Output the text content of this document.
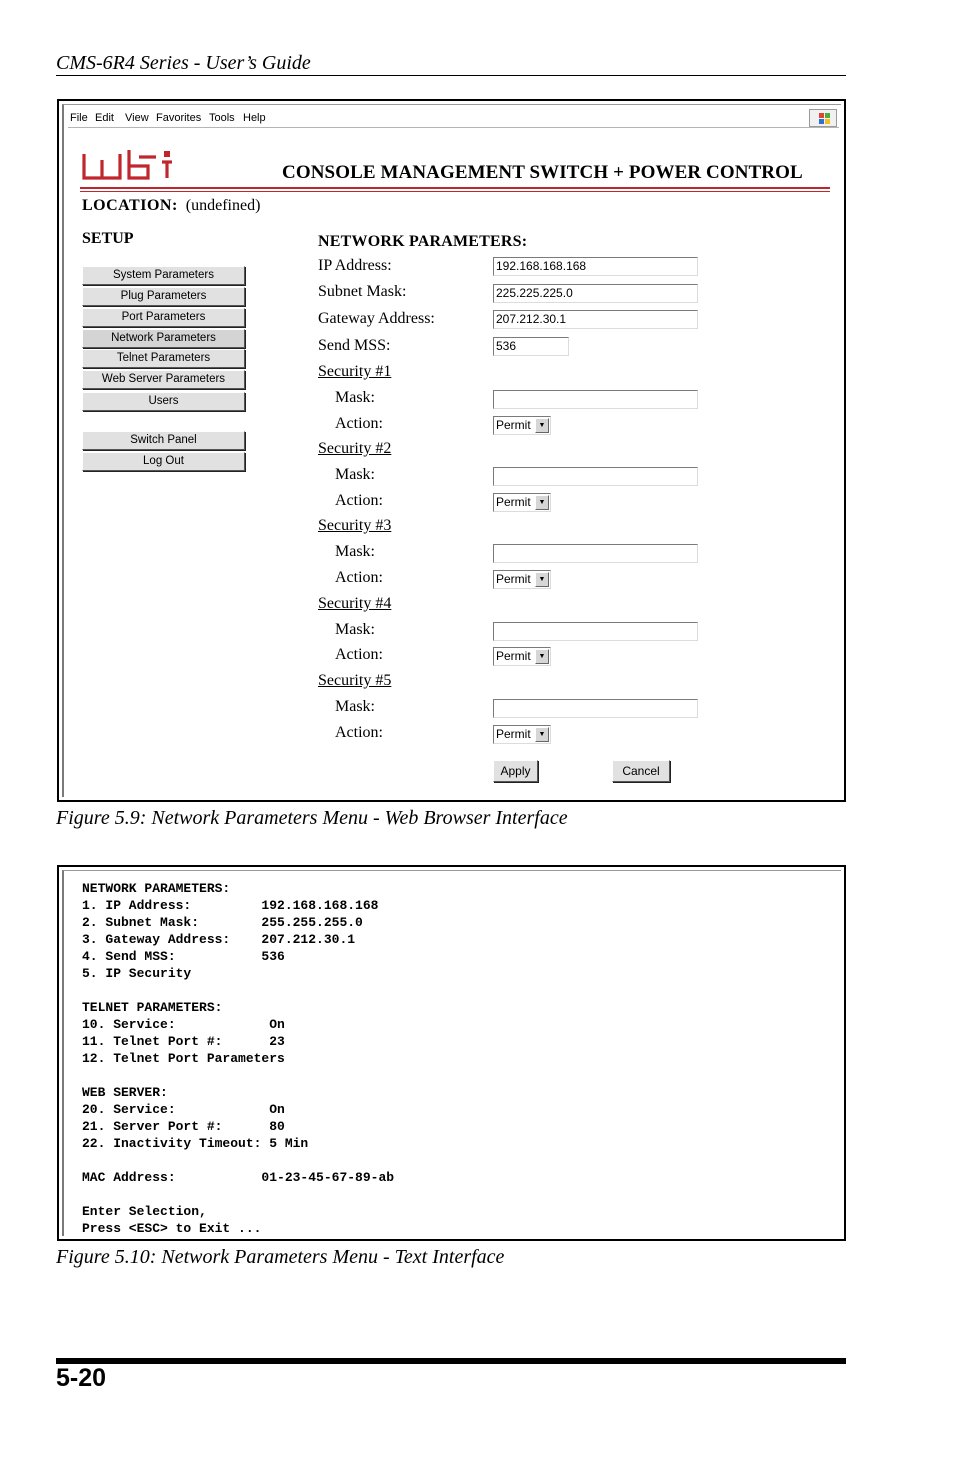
CMS-6R4 Series - User’s Guide
File Edit View Favorites Tools Help
CONSOLE MANAGEMENT SWITCH + POWER CONTROL
LOCATION: (undefined)
SETUP
System Parameters
Plug Parameters
Port Parameters
Network Parameters
Telnet Parameters
Web Server Parameters
Users
Switch Panel
Log Out
NETWORK PARAMETERS:
IP Address:	192.168.168.168
Subnet Mask:	225.225.225.0
Gateway Address:	207.212.30.1
Send MSS:	536
Security #1
Mask:
Action:	Permit	▼
Security #2
Mask:
Action:	Permit	▼
Security #3
Mask:
Action:	Permit	▼
Security #4
Mask:
Action:	Permit	▼
Security #5
Mask:
Action:	Permit	▼
Apply	Cancel
Figure 5.9: Network Parameters Menu - Web Browser Interface
NETWORK PARAMETERS:
1. IP Address:         192.168.168.168
2. Subnet Mask:        255.255.255.0
3. Gateway Address:    207.212.30.1
4. Send MSS:           536
5. IP Security
TELNET PARAMETERS:
10. Service:            On
11. Telnet Port #:      23
12. Telnet Port Parameters
WEB SERVER:
20. Service:            On
21. Server Port #:      80
22. Inactivity Timeout: 5 Min
MAC Address:           01-23-45-67-89-ab
Enter Selection,
Press <ESC> to Exit ...
Figure 5.10: Network Parameters Menu - Text Interface
5-20
